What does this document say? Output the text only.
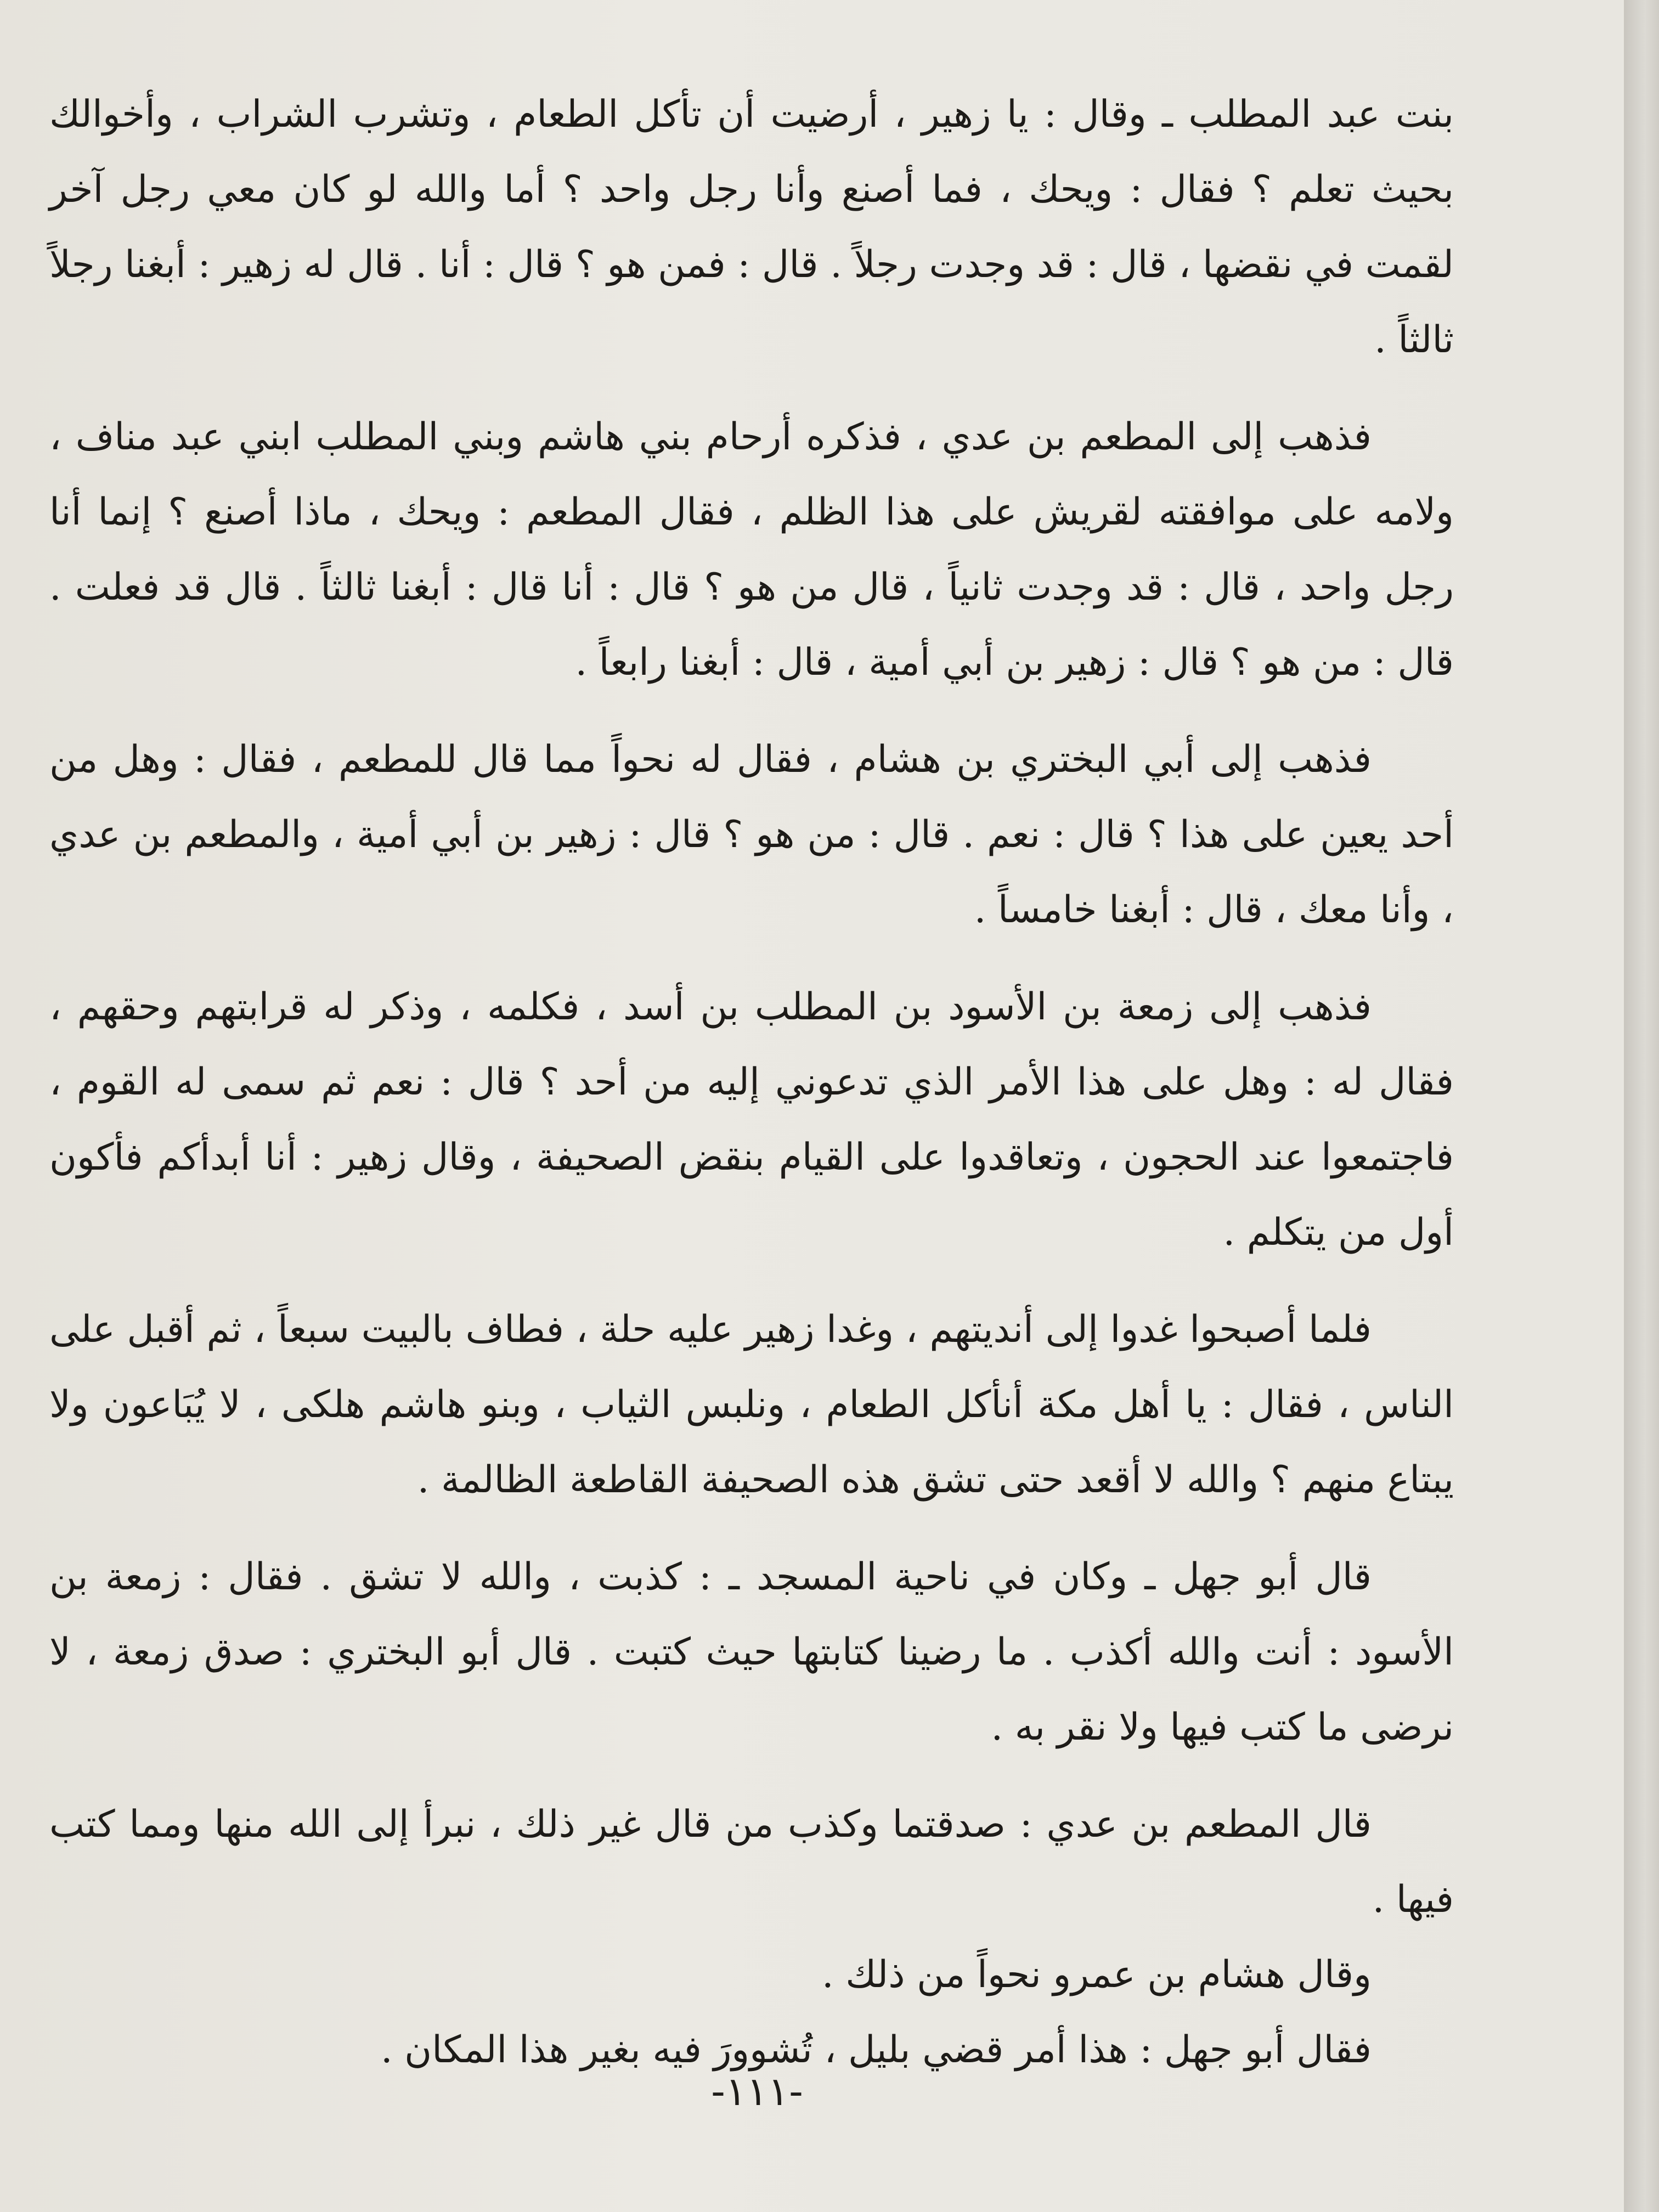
بنت عبد المطلب ـ وقال : يا زهير ، أرضيت أن تأكل الطعام ، وتشرب الشراب ، وأخوالك بحيث تعلم ؟ فقال : ويحك ، فما أصنع وأنا رجل واحد ؟ أما والله لو كان معي رجل آخر لقمت في نقضها ، قال : قد وجدت رجلاً . قال : فمن هو ؟ قال : أنا . قال له زهير : أبغنا رجلاً ثالثاً .

فذهب إلى المطعم بن عدي ، فذكره أرحام بني هاشم وبني المطلب ابني عبد مناف ، ولامه على موافقته لقريش على هذا الظلم ، فقال المطعم : ويحك ، ماذا أصنع ؟ إنما أنا رجل واحد ، قال : قد وجدت ثانياً ، قال من هو ؟ قال : أنا قال : أبغنا ثالثاً . قال قد فعلت . قال : من هو ؟ قال : زهير بن أبي أمية ، قال : أبغنا رابعاً .

فذهب إلى أبي البختري بن هشام ، فقال له نحواً مما قال للمطعم ، فقال : وهل من أحد يعين على هذا ؟ قال : نعم . قال : من هو ؟ قال : زهير بن أبي أمية ، والمطعم بن عدي ، وأنا معك ، قال : أبغنا خامساً .

فذهب إلى زمعة بن الأسود بن المطلب بن أسد ، فكلمه ، وذكر له قرابتهم وحقهم ، فقال له : وهل على هذا الأمر الذي تدعوني إليه من أحد ؟ قال : نعم ثم سمى له القوم ، فاجتمعوا عند الحجون ، وتعاقدوا على القيام بنقض الصحيفة ، وقال زهير : أنا أبدأكم فأكون أول من يتكلم .

فلما أصبحوا غدوا إلى أنديتهم ، وغدا زهير عليه حلة ، فطاف بالبيت سبعاً ، ثم أقبل على الناس ، فقال : يا أهل مكة أنأكل الطعام ، ونلبس الثياب ، وبنو هاشم هلكى ، لا يُبَاعون ولا يبتاع منهم ؟ والله لا أقعد حتى تشق هذه الصحيفة القاطعة الظالمة .

قال أبو جهل ـ وكان في ناحية المسجد ـ : كذبت ، والله لا تشق . فقال : زمعة بن الأسود : أنت والله أكذب . ما رضينا كتابتها حيث كتبت . قال أبو البختري : صدق زمعة ، لا نرضى ما كتب فيها ولا نقر به .

قال المطعم بن عدي : صدقتما وكذب من قال غير ذلك ، نبرأ إلى الله منها ومما كتب فيها .

وقال هشام بن عمرو نحواً من ذلك .

فقال أبو جهل : هذا أمر قضي بليل ، تُشوورَ فيه بغير هذا المكان .

-١١١-
